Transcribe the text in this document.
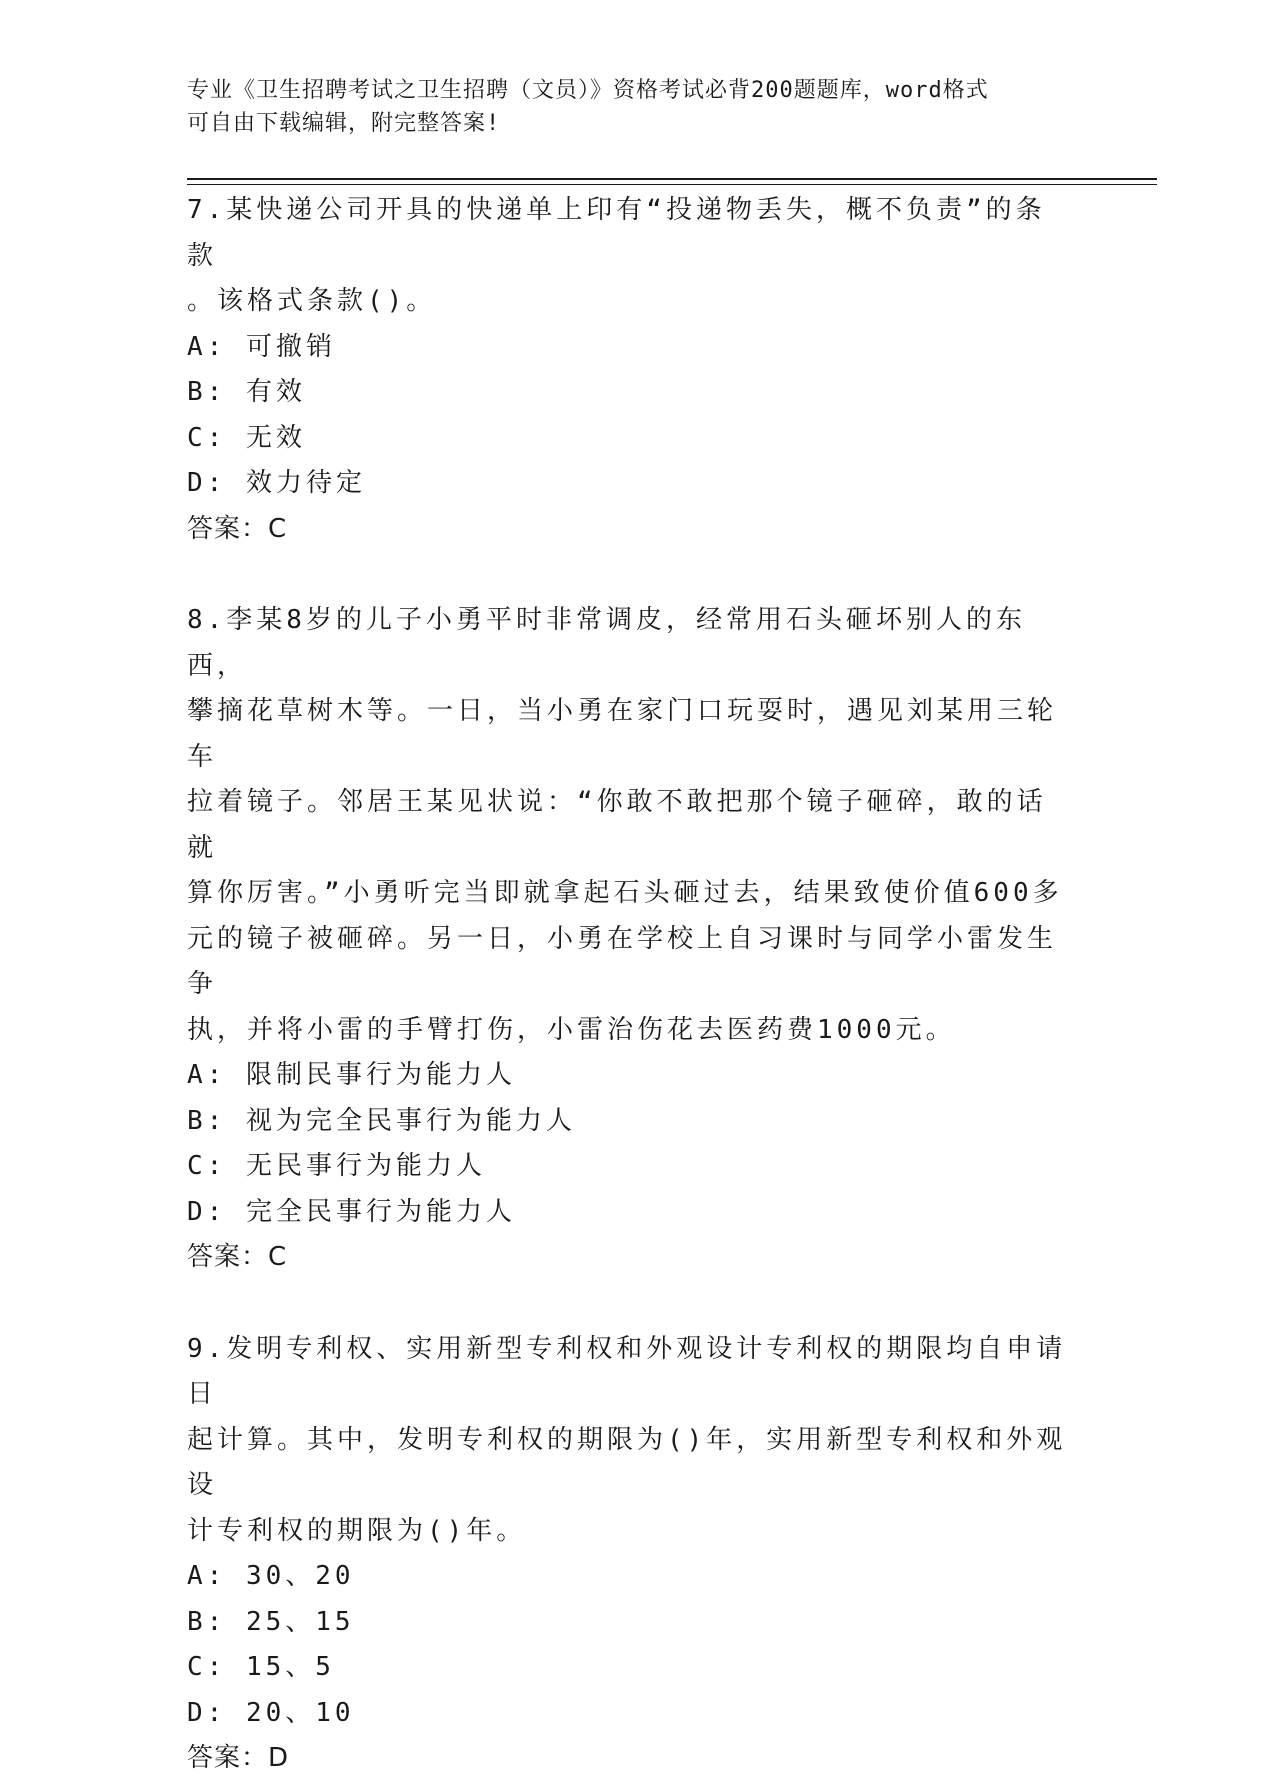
专业《卫生招聘考试之卫生招聘（文员）》资格考试必背200题题库，word格式
可自由下载编辑，附完整答案!
7.某快递公司开具的快递单上印有“投递物丢失，概不负责”的条款
。该格式条款()。
A: 可撤销
B: 有效
C: 无效
D: 效力待定
答案：C
8.李某8岁的儿子小勇平时非常调皮，经常用石头砸坏别人的东西，
攀摘花草树木等。一日，当小勇在家门口玩耍时，遇见刘某用三轮车
拉着镜子。邻居王某见状说：“你敢不敢把那个镜子砸碎，敢的话就
算你厉害。”小勇听完当即就拿起石头砸过去，结果致使价值600多
元的镜子被砸碎。另一日，小勇在学校上自习课时与同学小雷发生争
执，并将小雷的手臂打伤，小雷治伤花去医药费1000元。
A: 限制民事行为能力人
B: 视为完全民事行为能力人
C: 无民事行为能力人
D: 完全民事行为能力人
答案：C
9.发明专利权、实用新型专利权和外观设计专利权的期限均自申请日
起计算。其中，发明专利权的期限为()年，实用新型专利权和外观设
计专利权的期限为()年。
A: 30、20
B: 25、15
C: 15、5
D: 20、10
答案：D
